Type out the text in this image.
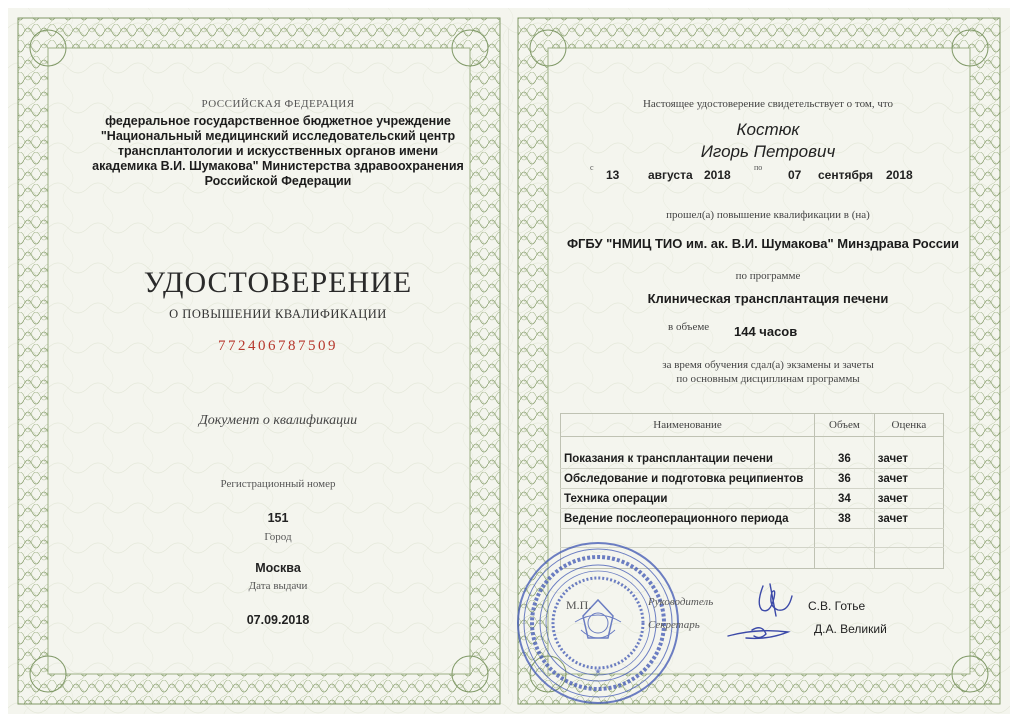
РОССИЙСКАЯ ФЕДЕРАЦИЯ
федеральное государственное бюджетное учреждение
"Национальный медицинский исследовательский центр
трансплантологии и искусственных органов имени
академика В.И. Шумакова" Министерства здравоохранения
Российской Федерации
УДОСТОВЕРЕНИЕ
О ПОВЫШЕНИИ КВАЛИФИКАЦИИ
772406787509
Документ о квалификации
Регистрационный номер
151
Город
Москва
Дата выдачи
07.09.2018
Настоящее удостоверение свидетельствует о том, что
Костюк
Игорь Петрович
с
13 августа 2018
по
07 сентября 2018
прошел(а) повышение квалификации в (на)
ФГБУ "НМИЦ ТИО им. ак. В.И. Шумакова" Минздрава России
по программе
Клиническая трансплантация печени
в объеме 144 часов
за время обучения сдал(а) экзамены и зачеты
по основным дисциплинам программы
Наименование	Объем	Оценка

Показания к трансплантации печени	36	зачет
Обследование и подготовка реципиентов	36	зачет
Техника операции	34	зачет
Ведение послеоперационного периода	38	зачет

★
М.П.	Руководитель
Секретарь
С.В. Готье
Д.А. Великий
